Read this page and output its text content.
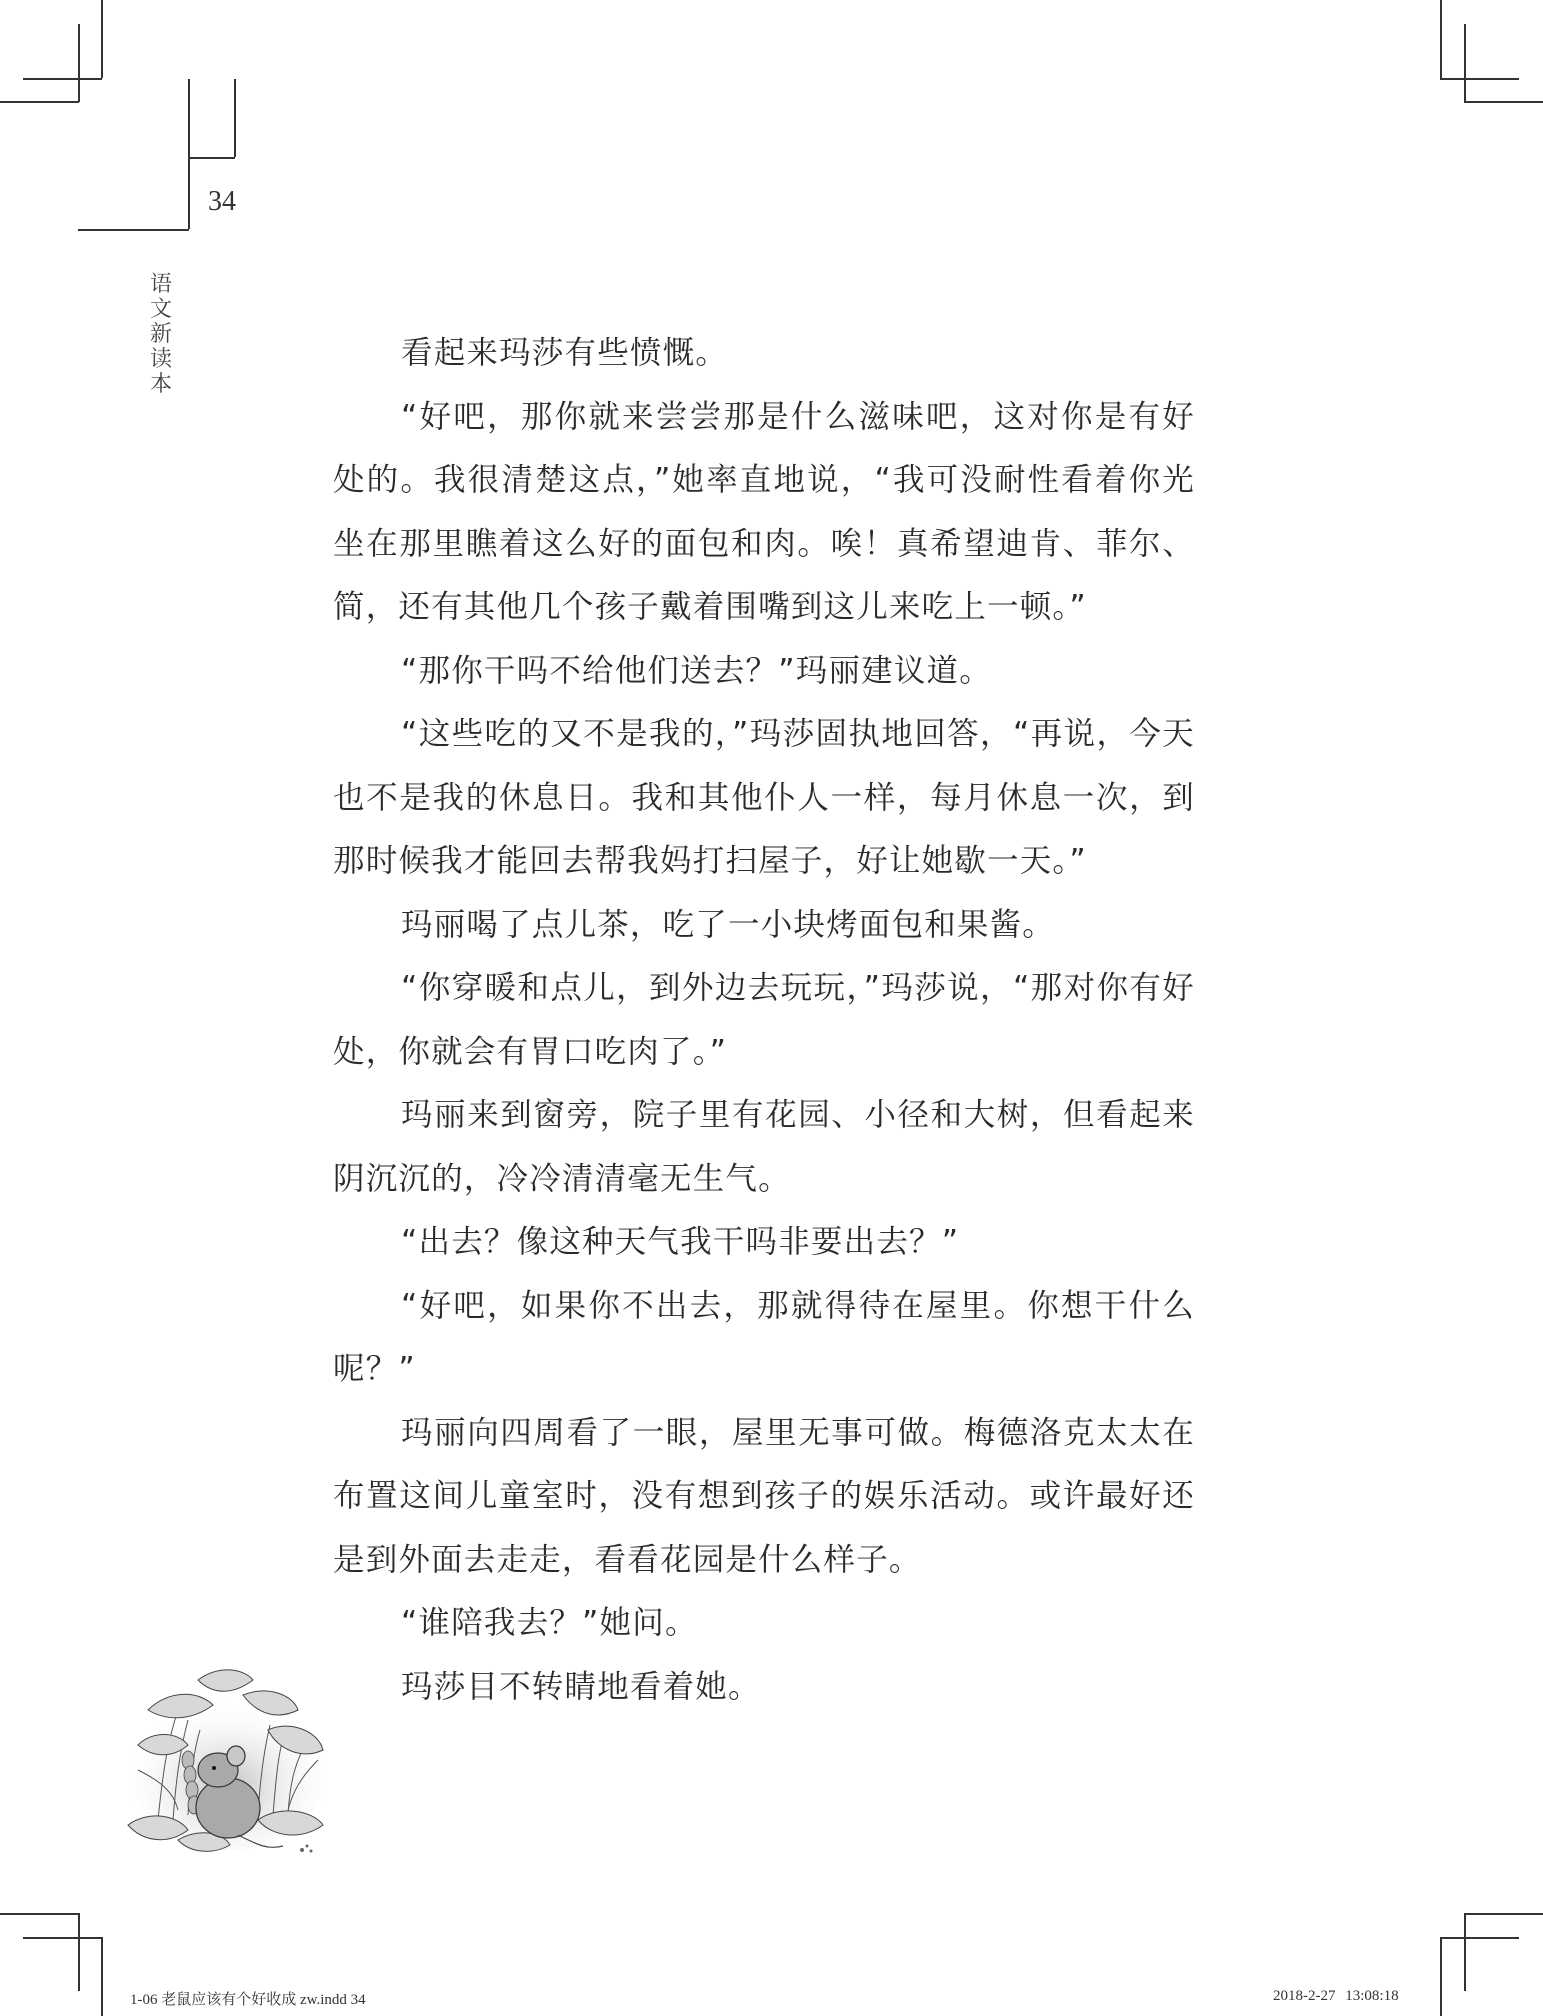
34
语
文
新
读
本

看起来玛莎有些愤慨。

“好吧，那你就来尝尝那是什么滋味吧，这对你是有好处的。我很清楚这点，”她率直地说，“我可没耐性看着你光坐在那里瞧着这么好的面包和肉。唉！真希望迪肯、菲尔、简，还有其他几个孩子戴着围嘴到这儿来吃上一顿。”

“那你干吗不给他们送去？”玛丽建议道。

“这些吃的又不是我的，”玛莎固执地回答，“再说，今天也不是我的休息日。我和其他仆人一样，每月休息一次，到那时候我才能回去帮我妈打扫屋子，好让她歇一天。”

玛丽喝了点儿茶，吃了一小块烤面包和果酱。

“你穿暖和点儿，到外边去玩玩，”玛莎说，“那对你有好处，你就会有胃口吃肉了。”

玛丽来到窗旁，院子里有花园、小径和大树，但看起来阴沉沉的，冷冷清清毫无生气。

“出去？像这种天气我干吗非要出去？”

“好吧，如果你不出去，那就得待在屋里。你想干什么呢？”

玛丽向四周看了一眼，屋里无事可做。梅德洛克太太在布置这间儿童室时，没有想到孩子的娱乐活动。或许最好还是到外面去走走，看看花园是什么样子。

“谁陪我去？”她问。

玛莎目不转睛地看着她。

1-06 老鼠应该有个好收成 zw.indd 34	2018-2-27 13:08:18
